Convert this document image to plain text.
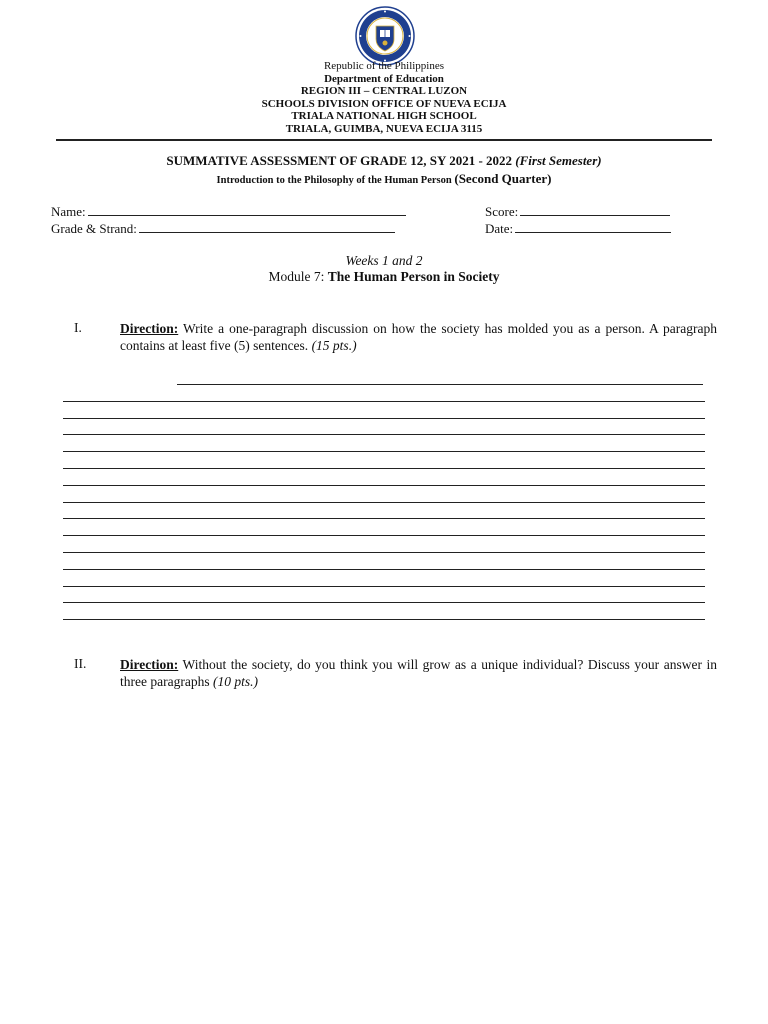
Republic of the Philippines
Department of Education
REGION III – CENTRAL LUZON
SCHOOLS DIVISION OFFICE OF NUEVA ECIJA
TRIALA NATIONAL HIGH SCHOOL
TRIALA, GUIMBA, NUEVA ECIJA 3115
SUMMATIVE ASSESSMENT OF GRADE 12, SY 2021 - 2022 (First Semester)
Introduction to the Philosophy of the Human Person (Second Quarter)
Name:	Score:
Grade & Strand:	Date:
Weeks 1 and 2
Module 7: The Human Person in Society
I.	Direction: Write a one-paragraph discussion on how the society has molded you as a person. A paragraph contains at least five (5) sentences. (15 pts.)
II. Direction: Without the society, do you think you will grow as a unique individual? Discuss your answer in three paragraphs (10 pts.)
